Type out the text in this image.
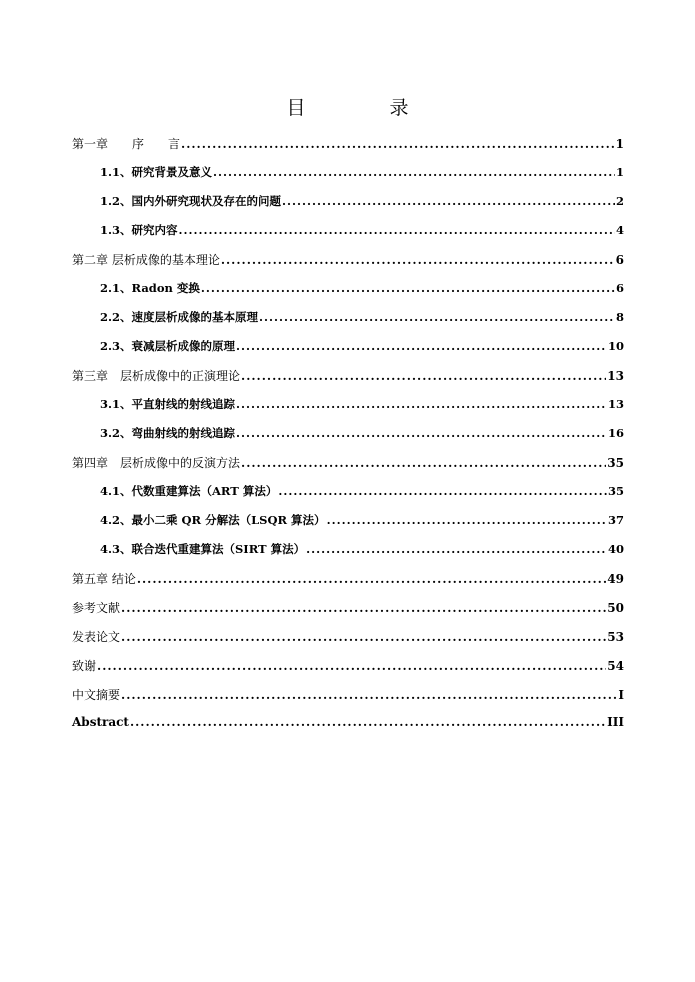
目	录
第一章　　序　　言 .....	1
1.1、研究背景及意义 .....	1
1.2、国内外研究现状及存在的问题 .....	2
1.3、研究内容 .....	4
第二章 层析成像的基本理论 .....	6
2.1、Radon 变换 .....	6
2.2、速度层析成像的基本原理 .....	8
2.3、衰减层析成像的原理 .....	10
第三章　层析成像中的正演理论 .....	13
3.1、平直射线的射线追踪 .....	13
3.2、弯曲射线的射线追踪 .....	16
第四章　层析成像中的反演方法 .....	35
4.1、代数重建算法（ART 算法） .....	35
4.2、最小二乘 QR 分解法（LSQR 算法） .....	37
4.3、联合迭代重建算法（SIRT 算法） .....	40
第五章 结论 .....	49
参考文献 .....	50
发表论文 .....	53
致谢 .....	54
中文摘要 .....	I
Abstract .....	III
